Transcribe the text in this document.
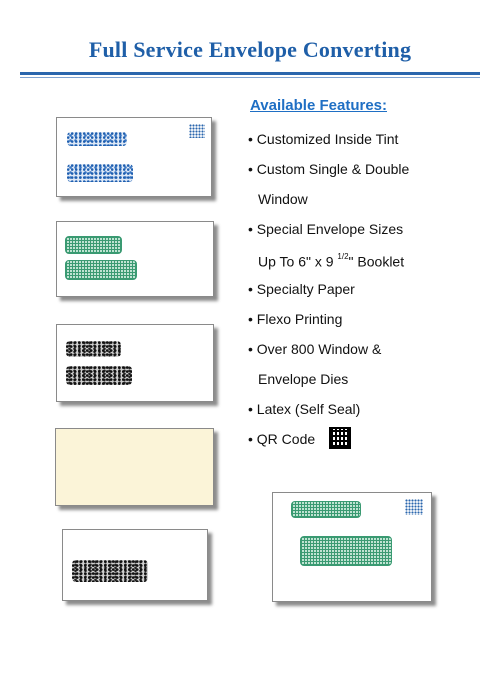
Full Service Envelope Converting
Available Features:
• Customized Inside Tint
• Custom Single & Double
Window
• Special Envelope Sizes
Up To 6" x 9 $^{1/2}$" Booklet
• Specialty Paper
• Flexo Printing
• Over 800 Window &
Envelope Dies
• Latex (Self Seal)
• QR Code
